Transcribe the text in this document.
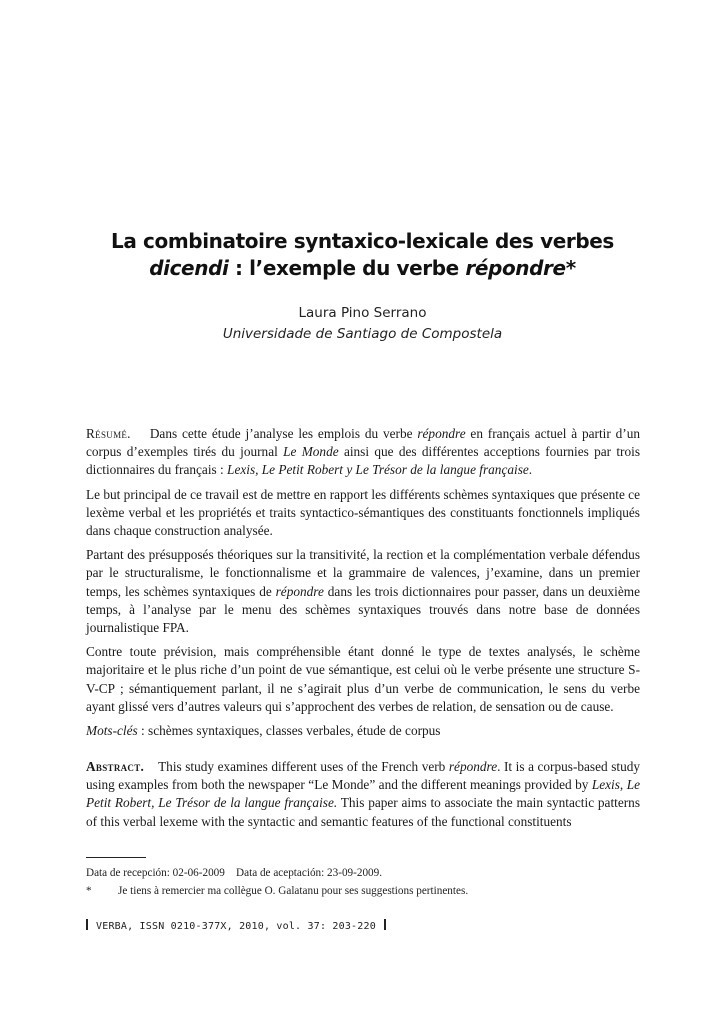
La combinatoire syntaxico-lexicale des verbes
dicendi : l’exemple du verbe répondre*
Laura Pino Serrano
Universidade de Santiago de Compostela

Résumé. Dans cette étude j’analyse les emplois du verbe répondre en français actuel à partir d’un corpus d’exemples tirés du journal Le Monde ainsi que des différentes acceptions fournies par trois dictionnaires du français : Lexis, Le Petit Robert y Le Trésor de la langue française.

Le but principal de ce travail est de mettre en rapport les différents schèmes syntaxiques que présente ce lexème verbal et les propriétés et traits syntactico-sémantiques des constituants fonctionnels impliqués dans chaque construction analysée.

Partant des présupposés théoriques sur la transitivité, la rection et la complémentation verbale défendus par le structuralisme, le fonctionnalisme et la grammaire de valences, j’examine, dans un premier temps, les schèmes syntaxiques de répondre dans les trois dictionnaires pour passer, dans un deuxième temps, à l’analyse par le menu des schèmes syntaxiques trouvés dans notre base de données journalistique FPA.

Contre toute prévision, mais compréhensible étant donné le type de textes analysés, le schème majoritaire et le plus riche d’un point de vue sémantique, est celui où le verbe présente une structure S-V-CP ; sémantiquement parlant, il ne s’agirait plus d’un verbe de communication, le sens du verbe ayant glissé vers d’autres valeurs qui s’approchent des verbes de relation, de sensation ou de cause.

Mots-clés : schèmes syntaxiques, classes verbales, étude de corpus

Abstract. This study examines different uses of the French verb répondre. It is a corpus-based study using examples from both the newspaper “Le Monde” and the different meanings provided by Lexis, Le Petit Robert, Le Trésor de la langue française. This paper aims to associate the main syntactic patterns of this verbal lexeme with the syntactic and semantic features of the functional constituents

Data de recepción: 02-06-2009    Data de aceptación: 23-09-2009.
* Je tiens à remercier ma collègue O. Galatanu pour ses suggestions pertinentes.
VERBA, ISSN 0210-377X, 2010, vol. 37: 203-220
